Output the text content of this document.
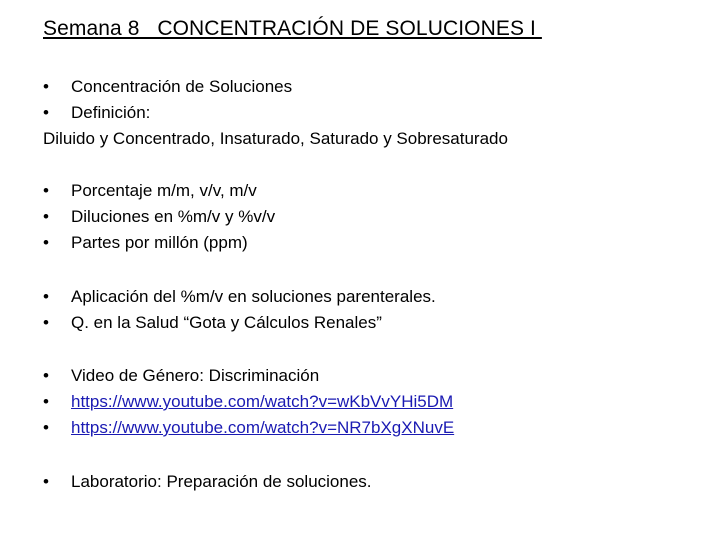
Semana 8   CONCENTRACIÓN DE SOLUCIONES I
• Concentración de Soluciones
• Definición:
Diluido y Concentrado, Insaturado, Saturado y Sobresaturado
• Porcentaje m/m, v/v, m/v
• Diluciones en %m/v y %v/v
• Partes por millón (ppm)
• Aplicación del %m/v en soluciones parenterales.
• Q. en la Salud “Gota y Cálculos Renales”
• Video de Género: Discriminación
• https://www.youtube.com/watch?v=wKbVvYHi5DM
• https://www.youtube.com/watch?v=NR7bXgXNuvE
• Laboratorio: Preparación de soluciones.
